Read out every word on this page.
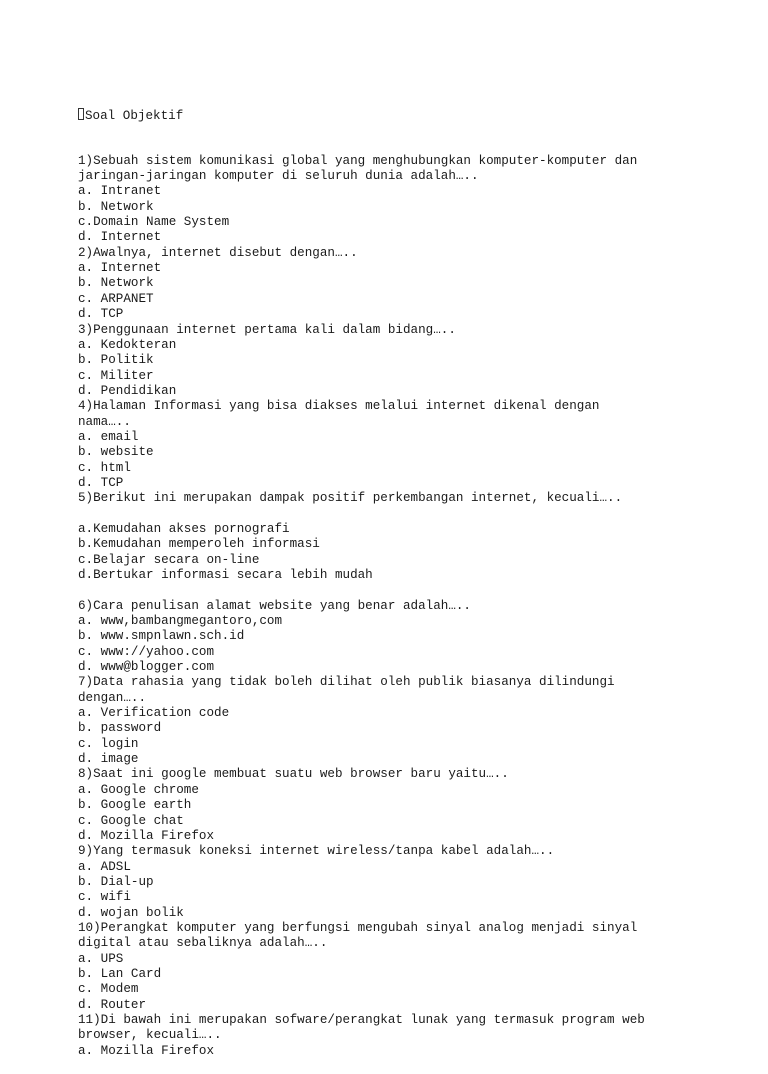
Soal Objektif

1)Sebuah sistem komunikasi global yang menghubungkan komputer-komputer dan
jaringan-jaringan komputer di seluruh dunia adalah…..
a. Intranet
b. Network
c.Domain Name System
d. Internet
2)Awalnya, internet disebut dengan…..
a. Internet
b. Network
c. ARPANET
d. TCP
3)Penggunaan internet pertama kali dalam bidang…..
a. Kedokteran
b. Politik
c. Militer
d. Pendidikan
4)Halaman Informasi yang bisa diakses melalui internet dikenal dengan
nama…..
a. email
b. website
c. html
d. TCP
5)Berikut ini merupakan dampak positif perkembangan internet, kecuali…..
a.Kemudahan akses pornografi
b.Kemudahan memperoleh informasi
c.Belajar secara on-line
d.Bertukar informasi secara lebih mudah
6)Cara penulisan alamat website yang benar adalah…..
a. www,bambangmegantoro,com
b. www.smpnlawn.sch.id
c. www://yahoo.com
d. www@blogger.com
7)Data rahasia yang tidak boleh dilihat oleh publik biasanya dilindungi
dengan…..
a. Verification code
b. password
c. login
d. image
8)Saat ini google membuat suatu web browser baru yaitu…..
a. Google chrome
b. Google earth
c. Google chat
d. Mozilla Firefox
9)Yang termasuk koneksi internet wireless/tanpa kabel adalah…..
a. ADSL
b. Dial-up
c. wifi
d. wojan bolik
10)Perangkat komputer yang berfungsi mengubah sinyal analog menjadi sinyal
digital atau sebaliknya adalah…..
a. UPS
b. Lan Card
c. Modem
d. Router
11)Di bawah ini merupakan sofware/perangkat lunak yang termasuk program web
browser, kecuali…..
a. Mozilla Firefox
